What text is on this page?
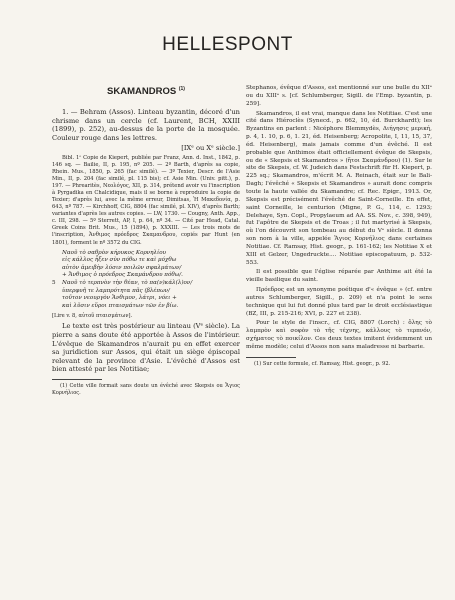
HELLESPONT
SKAMANDROS $^{(1)}$

1. — Behram (Assos). Linteau byzantin, décoré d'un chrisme dans un cercle (cf. Laurent, BCH, XXIII (1899), p. 252), au-dessus de la porte de la mosquée. Couleur rouge dans les lettres.

[IXᵉ ou Xᵉ siècle.]

Bibl. 1ᵒ Copie de Kiepert, publiée par Franz, Ann. d. Inst., 1842, p. 146 sq. — Bailie, II, p. 195, nº 205. — 2º Barth, d'après sa copie, Rhein. Mus., 1850, p. 265 (fac similé). — 3º Texier, Descr. de l'Asie Min., II, p. 204 (fac similé, pl. 115 bis); cf. Asie Min. (Univ. pitt.), p. 197. — Phrearitès, Νεολόγος, XII, p. 314, prétend avoir vu l'inscription à Pyrgadika en Chalcidique, mais il se borne à reproduire la copie de Texier; d'après lui, avec la même erreur, Dimitsas, Ἡ Μακεδονία, p. 643, nº 787. — Kirchhoff, CIG, 8804 (fac similé, pl. XIV), d'après Barth; variantes d'après les autres copies. — LW, 1730. — Cougny, Anth. App., c. III, 298. — 5º Sterrett, AP, I, p. 64, nº 34. — Cité par Head, Catal. Greek Coins Brit. Mus., 15 (1894), p. XXXIII. — Les trois mots de l'inscription, Ἀνθιμος πρόεδρος Σκαμανδρου, copiés par Hunt (en 1801), forment le nº 3572 du CIG.

Ναοῦ τὸ σαθρὸν κήρυκος Κορνηλίου
εἰς κάλλος ἦξεν σὺν πόθω τε καὶ μόχθω
αὐτὸν ἀμειβὴν λύσιν ποιλῶν σφαλμάτων/
+ Ἄνθιμος ὁ πρόεδρος Σκαμάνδρου πόθω/.
5 Ναοῦ τὸ τερπνὸν τὴν θέαν, τὸ πα(ν)κάλ(λ)ον/
ὑπερφυῆ τε λαμπρότητα πᾶς (βλέπων/
τοῦτον νεουργὸν Ἄνθιμον, λάτρι, νόει +
καὶ λῦσιν εὕροι πταισμάτων τῶν ἐν βίω.

[Lire v. 8, αὐτοῦ πταισμάτων].

Le texte est très postérieur au linteau (Vᵉ siècle). La pierre a sans doute été apportée à Assos de l'intérieur. L'évêque de Skamandros n'aurait pu en effet exercer sa juridiction sur Assos, qui était un siège épiscopal relevant de la province d'Asie. L'évêché d'Assos est bien attesté par les Notitiae;

(1) Cette ville formait sans doute un évêché avec Skepsis ou Ἅγιος Κορνήλιος.

Stephanos, évêque d'Assos, est mentionné sur une bulle du XIIᵉ ou du XIIIᵉ s. [cf. Schlumberger, Sigill. de l'Emp. byzantin, p. 259].

Skamandros, il est vrai, manque dans les Notitiae. C'est une cité dans Hiéroclès (Synecd., p. 662, 10, éd. Burckhardt); les Byzantins en parlent : Nicéphore Blemmydès, Διήγησις μερική, p. 4, 1. 10, p. 6, 1. 21, éd. Heisenberg; Acropolite, I, 11, 15, 37, éd. Heisenberg), mais jamais comme d'un évêché. Il est probable que Anthimos était officiellement évêque de Skepsis, ou de « Skepsis et Skamandros » (ἤτοι Σκαμάνδρου) (1). Sur le site de Skepsis, cf. W. Judeich dans Festschrift für H. Kiepert, p. 225 sq.; Skamandros, m'écrit M. A. Reinach, était sur le Bali-Dagh; l'évêché « Skepsis et Skamandros » aurait donc compris toute la haute vallée du Skamandre; cf. Rec. Epigr., 1913. Or, Skepsis est précisément l'évêché de Saint-Corneille. En effet, saint Corneille, le centurion (Migne, P. G., 114, c. 1293; Delehaye, Syn. Copl., Propylaeum ad AA. SS. Nov., c. 398, 949), fut l'apôtre de Skepsis et de Troas ; il fut martyrisé à Skepsis, où l'on découvrit son tombeau au début du Vᵉ siècle. Il donna son nom à la ville, appelée Ἅγιος Κορνήλιος dans certaines Notitiae. Cf. Ramsay, Hist. geogr., p. 161-162; les Notitiae X et XIII et Gelzer, Ungedruckte.... Notitiae episcopatuum, p. 532-553.

Il est possible que l'église réparée par Anthime ait été la vieille basilique du saint.

Πρόεδρος est un synonyme poétique d'« évêque » (cf. entre autres Schlumberger, Sigill., p. 209) et n'a point le sens technique qui lui fut donné plus tard par le droit ecclésiastique (BZ, III, p. 215-216; XVI, p. 227 et 238).

Pour le style de l'inscr., cf. CIG, 8807 (Lorch) : ὅλης τὸ λαμπρὸν καὶ σοφὸν τὸ τῆς τέχνης, κάλλους τὸ τερπνόν, σχήματος τὸ ποικίλον. Ces deux textes imitent évidemment un même modèle; celui d'Assos non sans maladresse ni barbarie.

(1) Sur cette formule, cf. Ramsay, Hist. geogr., p. 92.
